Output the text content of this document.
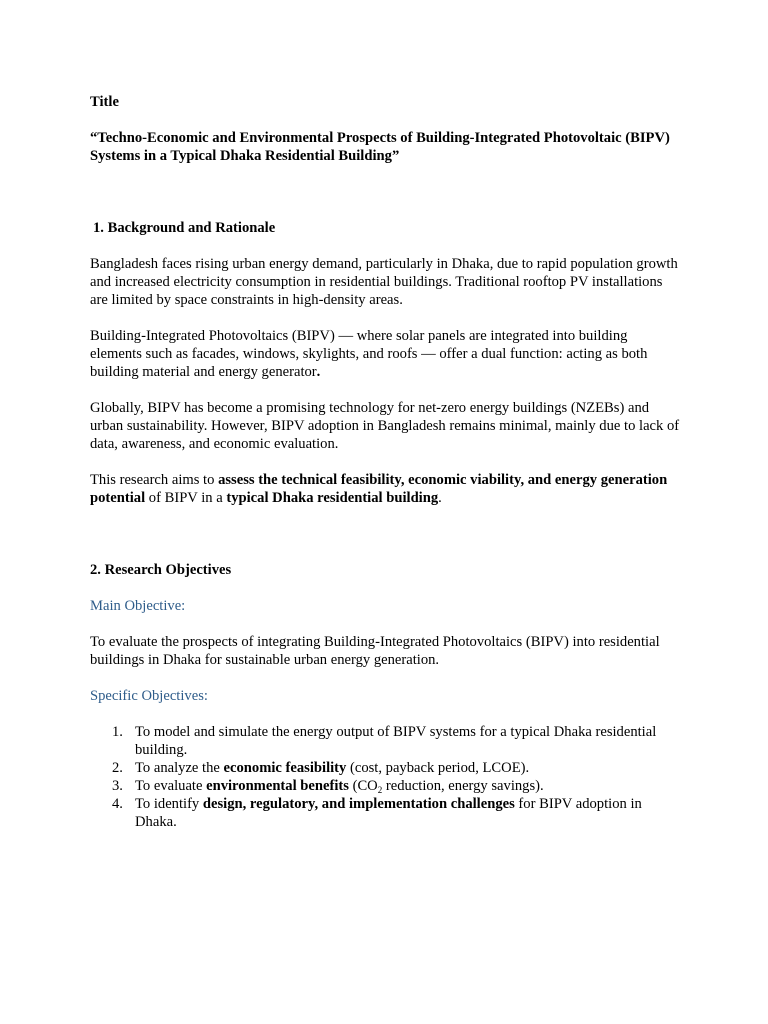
Title

“Techno-Economic and Environmental Prospects of Building-Integrated Photovoltaic (BIPV) Systems in a Typical Dhaka Residential Building”

1. Background and Rationale

Bangladesh faces rising urban energy demand, particularly in Dhaka, due to rapid population growth and increased electricity consumption in residential buildings. Traditional rooftop PV installations are limited by space constraints in high-density areas.

Building-Integrated Photovoltaics (BIPV) — where solar panels are integrated into building elements such as facades, windows, skylights, and roofs — offer a dual function: acting as both building material and energy generator.

Globally, BIPV has become a promising technology for net-zero energy buildings (NZEBs) and urban sustainability. However, BIPV adoption in Bangladesh remains minimal, mainly due to lack of data, awareness, and economic evaluation.

This research aims to assess the technical feasibility, economic viability, and energy generation potential of BIPV in a typical Dhaka residential building.

2. Research Objectives

Main Objective:

To evaluate the prospects of integrating Building-Integrated Photovoltaics (BIPV) into residential buildings in Dhaka for sustainable urban energy generation.

Specific Objectives:

1. To model and simulate the energy output of BIPV systems for a typical Dhaka residential building.
2. To analyze the economic feasibility (cost, payback period, LCOE).
3. To evaluate environmental benefits ($CO_2$ reduction, energy savings).
4. To identify design, regulatory, and implementation challenges for BIPV adoption in Dhaka.
